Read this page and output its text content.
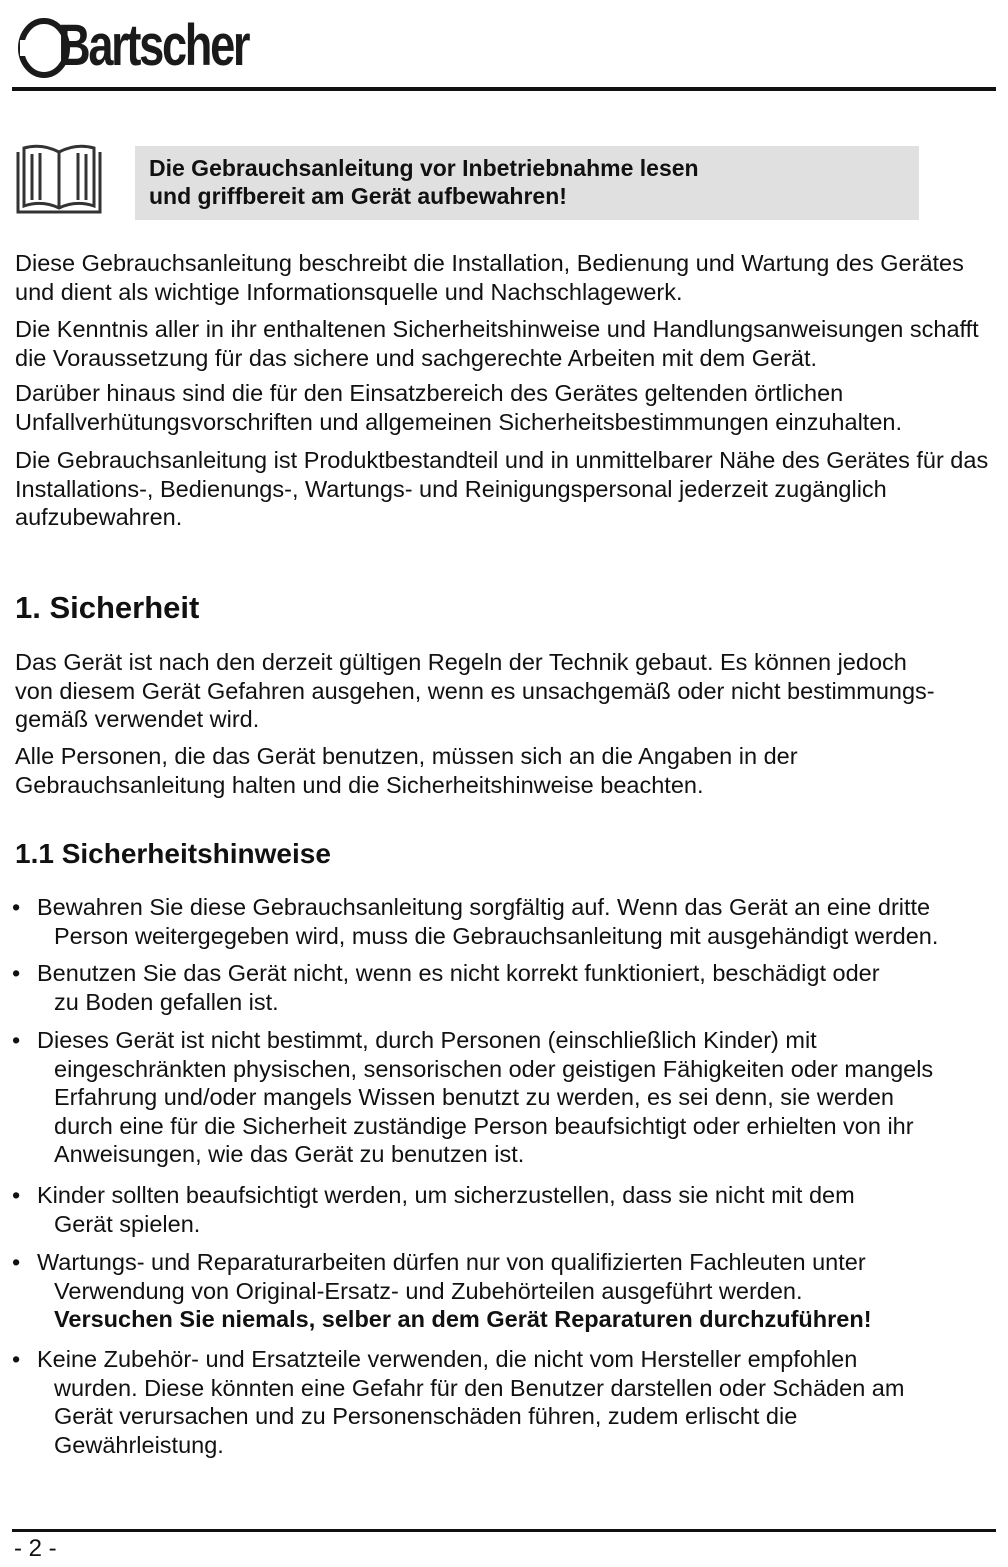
Bartscher

Die Gebrauchsanleitung vor Inbetriebnahme lesen

und griffbereit am Gerät aufbewahren!

Diese Gebrauchsanleitung beschreibt die Installation, Bedienung und Wartung des Gerätes und dient als wichtige Informationsquelle und Nachschlagewerk.

Die Kenntnis aller in ihr enthaltenen Sicherheitshinweise und Handlungsanweisungen schafft die Voraussetzung für das sichere und sachgerechte Arbeiten mit dem Gerät.

Darüber hinaus sind die für den Einsatzbereich des Gerätes geltenden örtlichen Unfallverhütungsvorschriften und allgemeinen Sicherheitsbestimmungen einzuhalten.

Die Gebrauchsanleitung ist Produktbestandteil und in unmittelbarer Nähe des Gerätes für das Installations-, Bedienungs-, Wartungs- und Reinigungspersonal jederzeit zugänglich aufzubewahren.

1. Sicherheit
Das Gerät ist nach den derzeit gültigen Regeln der Technik gebaut. Es können jedoch
von diesem Gerät Gefahren ausgehen, wenn es unsachgemäß oder nicht bestimmungs-
gemäß verwendet wird.

Alle Personen, die das Gerät benutzen, müssen sich an die Angaben in der Gebrauchsanleitung halten und die Sicherheitshinweise beachten.

1.1 Sicherheitshinweise
• Bewahren Sie diese Gebrauchsanleitung sorgfältig auf. Wenn das Gerät an eine dritte
Person weitergegeben wird, muss die Gebrauchsanleitung mit ausgehändigt werden.
• Benutzen Sie das Gerät nicht, wenn es nicht korrekt funktioniert, beschädigt oder
zu Boden gefallen ist.
• Dieses Gerät ist nicht bestimmt, durch Personen (einschließlich Kinder) mit
eingeschränkten physischen, sensorischen oder geistigen Fähigkeiten oder mangels
Erfahrung und/oder mangels Wissen benutzt zu werden, es sei denn, sie werden
durch eine für die Sicherheit zuständige Person beaufsichtigt oder erhielten von ihr
Anweisungen, wie das Gerät zu benutzen ist.
• Kinder sollten beaufsichtigt werden, um sicherzustellen, dass sie nicht mit dem
Gerät spielen.
• Wartungs- und Reparaturarbeiten dürfen nur von qualifizierten Fachleuten unter
Verwendung von Original-Ersatz- und Zubehörteilen ausgeführt werden.
Versuchen Sie niemals, selber an dem Gerät Reparaturen durchzuführen!
• Keine Zubehör- und Ersatzteile verwenden, die nicht vom Hersteller empfohlen
wurden. Diese könnten eine Gefahr für den Benutzer darstellen oder Schäden am
Gerät verursachen und zu Personenschäden führen, zudem erlischt die
Gewährleistung.
- 2 -
